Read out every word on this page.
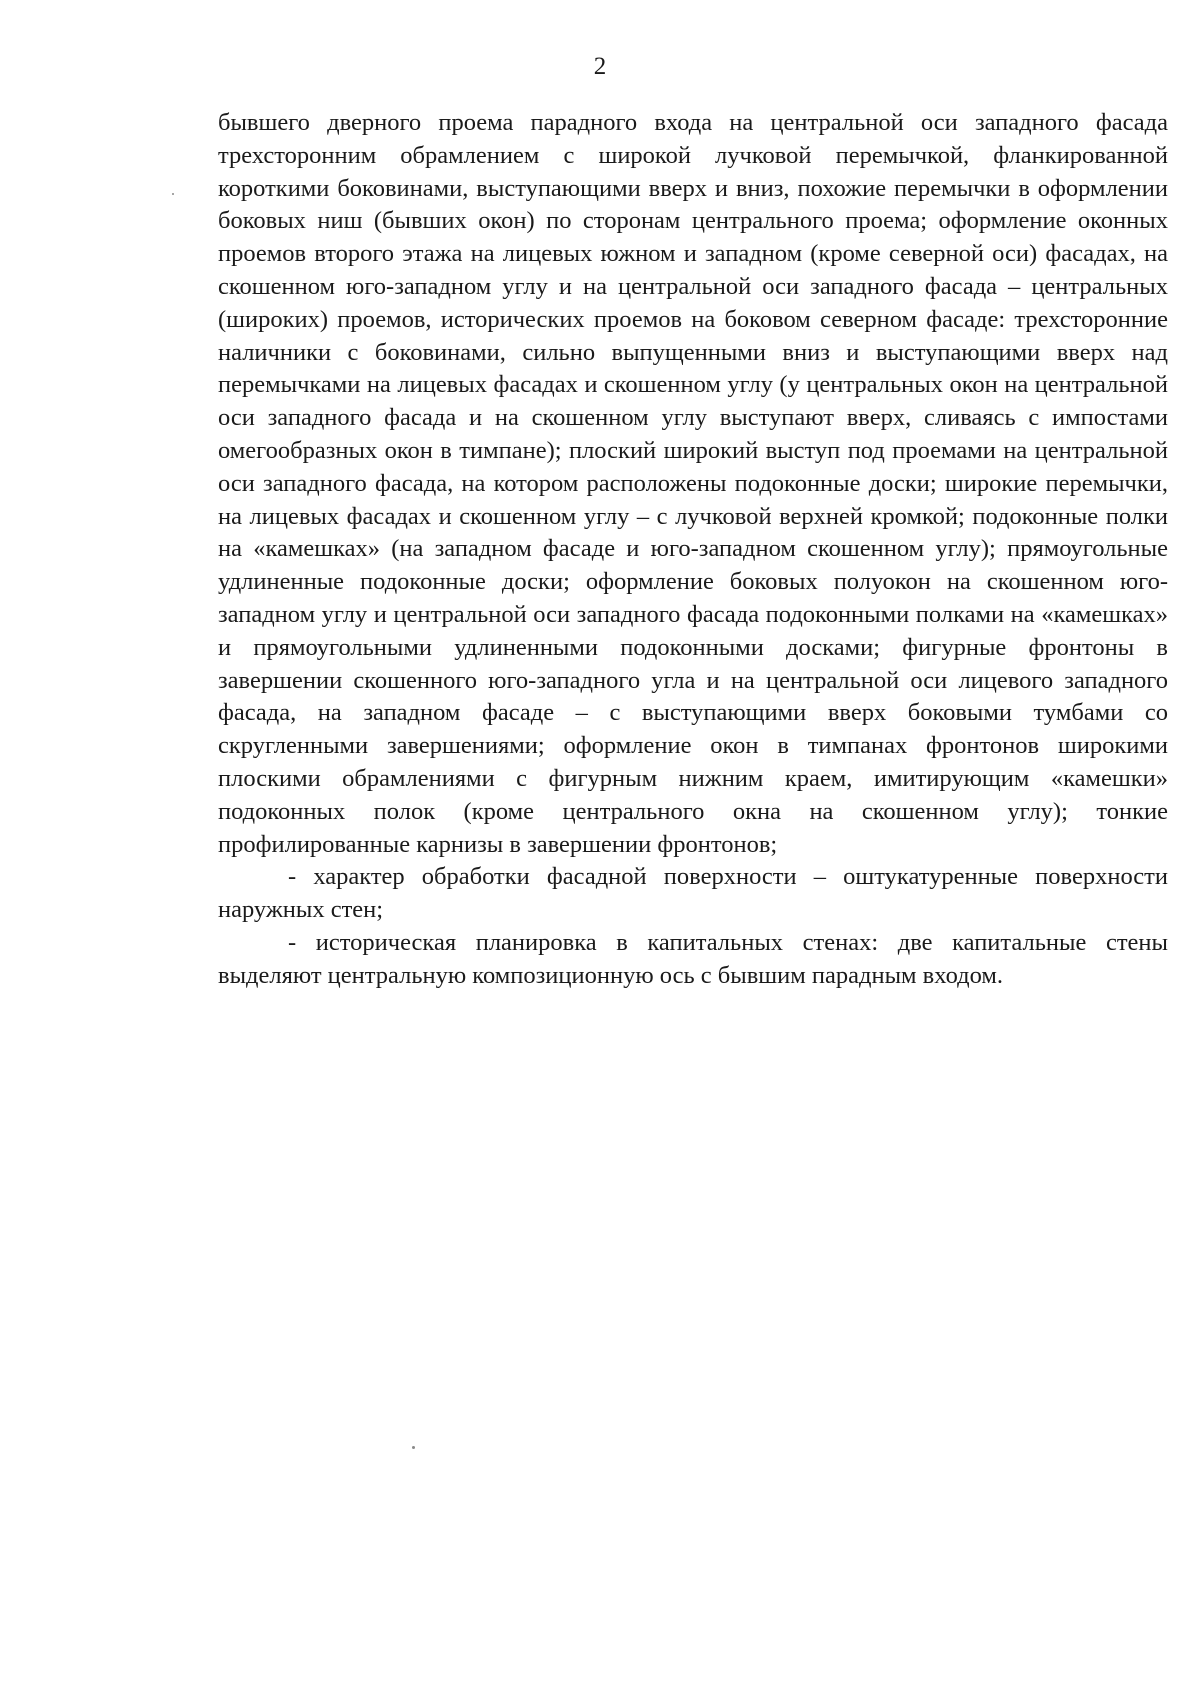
2

бывшего дверного проема парадного входа на центральной оси западного фасада трехсторонним обрамлением с широкой лучковой перемычкой, фланкированной короткими боковинами, выступающими вверх и вниз, похожие перемычки в оформлении боковых ниш (бывших окон) по сторонам центрального проема; оформление оконных проемов второго этажа на лицевых южном и западном (кроме северной оси) фасадах, на скошенном юго-западном углу и на центральной оси западного фасада – центральных (широких) проемов, исторических проемов на боковом северном фасаде: трехсторонние наличники с боковинами, сильно выпущенными вниз и выступающими вверх над перемычками на лицевых фасадах и скошенном углу (у центральных окон на центральной оси западного фасада и на скошенном углу выступают вверх, сливаясь с импостами омегообразных окон в тимпане); плоский широкий выступ под проемами на центральной оси западного фасада, на котором расположены подоконные доски; широкие перемычки, на лицевых фасадах и скошенном углу – с лучковой верхней кромкой; подоконные полки на «камешках» (на западном фасаде и юго-западном скошенном углу); прямоугольные удлиненные подоконные доски; оформление боковых полуокон на скошенном юго-западном углу и центральной оси западного фасада подоконными полками на «камешках» и прямоугольными удлиненными подоконными досками; фигурные фронтоны в завершении скошенного юго-западного угла и на центральной оси лицевого западного фасада, на западном фасаде – с выступающими вверх боковыми тумбами со скругленными завершениями; оформление окон в тимпанах фронтонов широкими плоскими обрамлениями с фигурным нижним краем, имитирующим «камешки» подоконных полок (кроме центрального окна на скошенном углу); тонкие профилированные карнизы в завершении фронтонов;

- характер обработки фасадной поверхности – оштукатуренные поверхности наружных стен;

- историческая планировка в капитальных стенах: две капитальные стены выделяют центральную композиционную ось с бывшим парадным входом.
